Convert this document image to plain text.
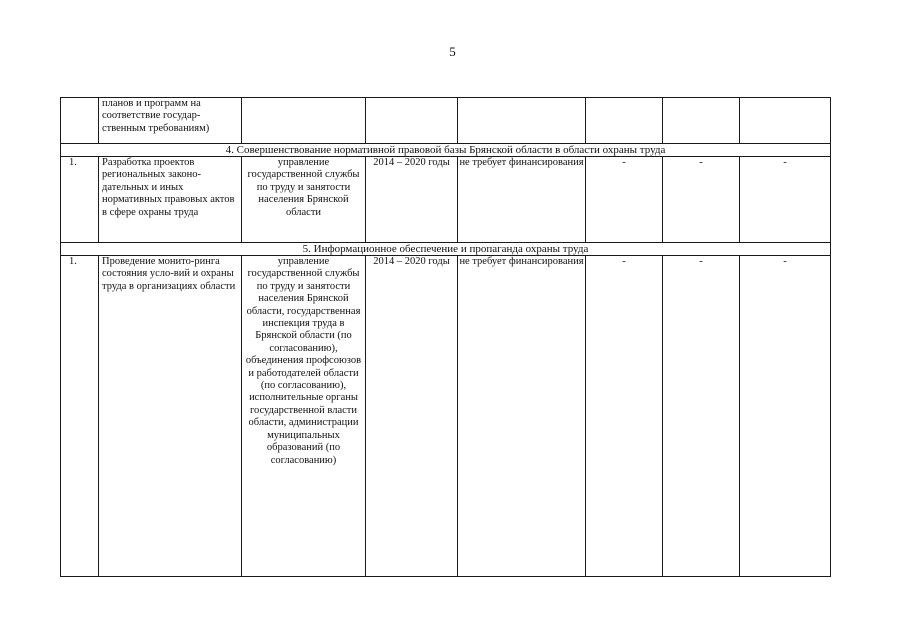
5
	планов и программ на соответствие государ-ственным требованиям)						
4. Совершенствование нормативной правовой базы Брянской области в области охраны труда							
1.	Разработка проектов региональных законо-дательных и иных нормативных правовых актов в сфере охраны труда	управление государственной службы по труду и занятости населения Брянской области	2014 – 2020 годы	не требует финансирования	-	-	-
5. Информационное обеспечение и пропаганда охраны труда							
1.	Проведение монито-ринга состояния усло-вий и охраны труда в организациях области	управление государственной службы по труду и занятости населения Брянской области, государственная инспекция труда в Брянской области (по согласованию), объединения профсоюзов и работодателей области (по согласованию), исполнительные органы государственной власти области, администрации муниципальных образований (по согласованию)	2014 – 2020 годы	не требует финансирования	-	-	-
